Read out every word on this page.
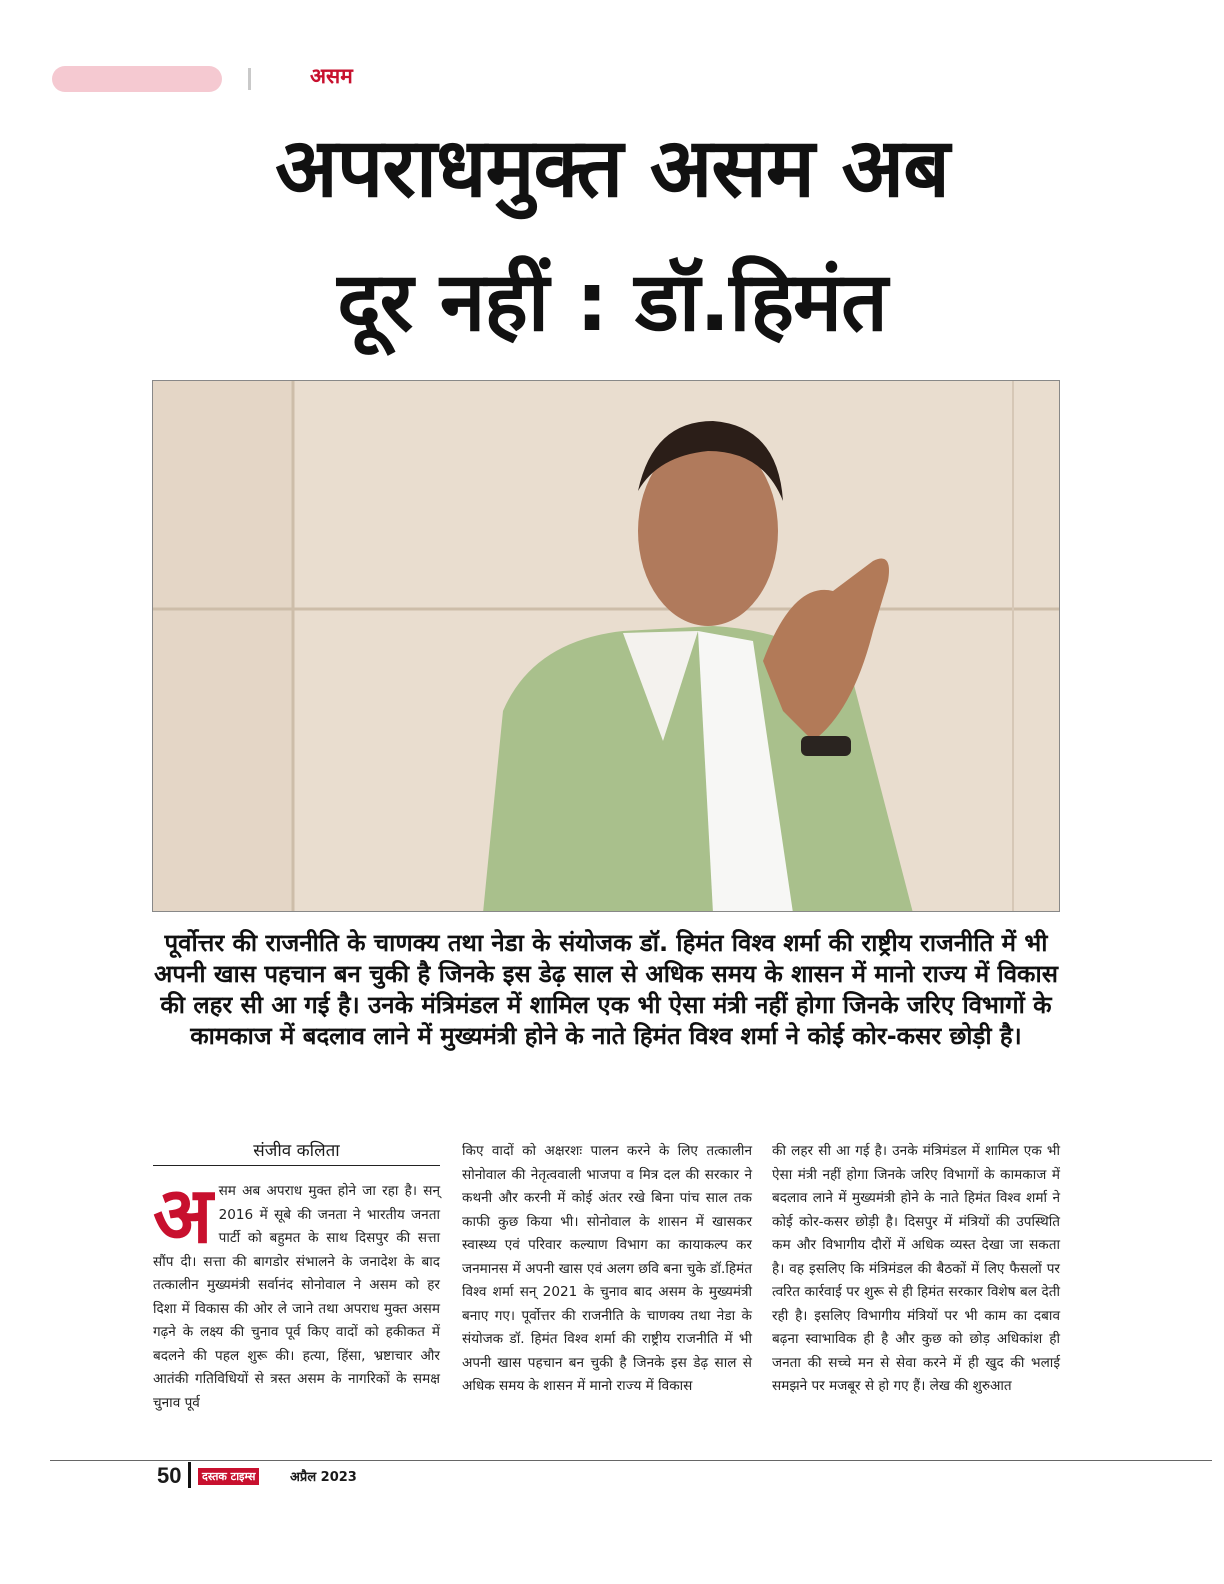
असम
अपराधमुक्त असम अब
दूर नहीं : डॉ.हिमंत
पूर्वोत्तर की राजनीति के चाणक्य तथा नेडा के संयोजक डॉ. हिमंत विश्व शर्मा की राष्ट्रीय राजनीति में भी अपनी खास पहचान बन चुकी है जिनके इस डेढ़ साल से अधिक समय के शासन में मानो राज्य में विकास की लहर सी आ गई है। उनके मंत्रिमंडल में शामिल एक भी ऐसा मंत्री नहीं होगा जिनके जरिए विभागों के कामकाज में बदलाव लाने में मुख्यमंत्री होने के नाते हिमंत विश्व शर्मा ने कोई कोर-कसर छोड़ी है।
संजीव कलिता
असम अब अपराध मुक्त होने जा रहा है। सन् 2016 में सूबे की जनता ने भारतीय जनता पार्टी को बहुमत के साथ दिसपुर की सत्ता सौंप दी। सत्ता की बागडोर संभालने के जनादेश के बाद तत्कालीन मुख्यमंत्री सर्वानंद सोनोवाल ने असम को हर दिशा में विकास की ओर ले जाने तथा अपराध मुक्त असम गढ़ने के लक्ष्य की चुनाव पूर्व किए वादों को हकीकत में बदलने की पहल शुरू की। हत्या, हिंसा, भ्रष्टाचार और आतंकी गतिविधियों से त्रस्त असम के नागरिकों के समक्ष चुनाव पूर्व
किए वादों को अक्षरशः पालन करने के लिए तत्कालीन सोनोवाल की नेतृत्ववाली भाजपा व मित्र दल की सरकार ने कथनी और करनी में कोई अंतर रखे बिना पांच साल तक काफी कुछ किया भी। सोनोवाल के शासन में खासकर स्वास्थ्य एवं परिवार कल्याण विभाग का कायाकल्प कर जनमानस में अपनी खास एवं अलग छवि बना चुके डॉ.हिमंत विश्व शर्मा सन् 2021 के चुनाव बाद असम के मुख्यमंत्री बनाए गए। पूर्वोत्तर की राजनीति के चाणक्य तथा नेडा के संयोजक डॉ. हिमंत विश्व शर्मा की राष्ट्रीय राजनीति में भी अपनी खास पहचान बन चुकी है जिनके इस डेढ़ साल से अधिक समय के शासन में मानो राज्य में विकास
की लहर सी आ गई है। उनके मंत्रिमंडल में शामिल एक भी ऐसा मंत्री नहीं होगा जिनके जरिए विभागों के कामकाज में बदलाव लाने में मुख्यमंत्री होने के नाते हिमंत विश्व शर्मा ने कोई कोर-कसर छोड़ी है। दिसपुर में मंत्रियों की उपस्थिति कम और विभागीय दौरों में अधिक व्यस्त देखा जा सकता है। वह इसलिए कि मंत्रिमंडल की बैठकों में लिए फैसलों पर त्वरित कार्रवाई पर शुरू से ही हिमंत सरकार विशेष बल देती रही है। इसलिए विभागीय मंत्रियों पर भी काम का दबाव बढ़ना स्वाभाविक ही है और कुछ को छोड़ अधिकांश ही जनता की सच्चे मन से सेवा करने में ही खुद की भलाई समझने पर मजबूर से हो गए हैं। लेख की शुरुआत
50	दस्तक टाइम्स	अप्रैल 2023
